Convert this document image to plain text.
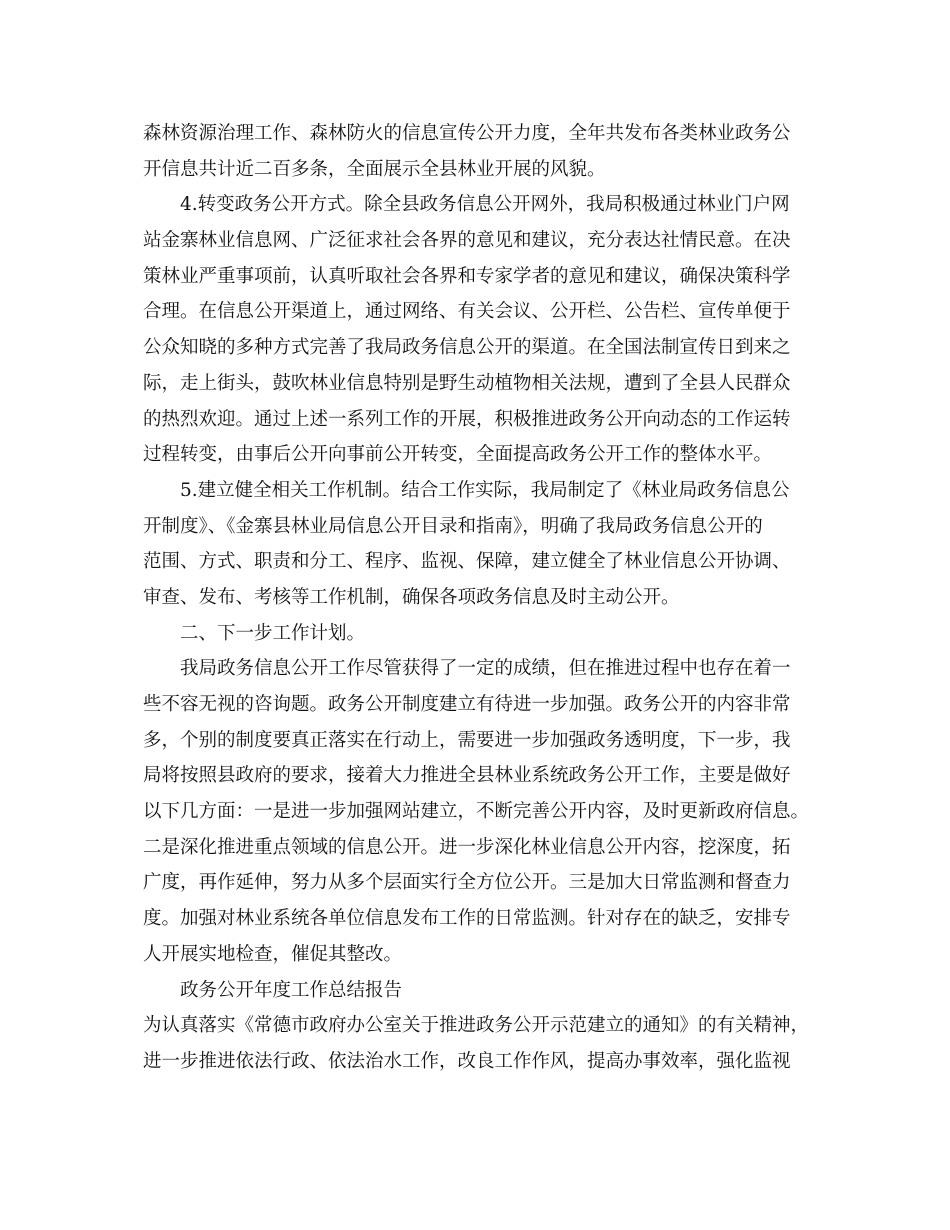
森林资源治理工作、森林防火的信息宣传公开力度，全年共发布各类林业政务公
开信息共计近二百多条，全面展示全县林业开展的风貌。
4.转变政务公开方式。除全县政务信息公开网外，我局积极通过林业门户网
站金寨林业信息网、广泛征求社会各界的意见和建议，充分表达社情民意。在决
策林业严重事项前，认真听取社会各界和专家学者的意见和建议，确保决策科学
合理。在信息公开渠道上，通过网络、有关会议、公开栏、公告栏、宣传单便于
公众知晓的多种方式完善了我局政务信息公开的渠道。在全国法制宣传日到来之
际，走上街头，鼓吹林业信息特别是野生动植物相关法规，遭到了全县人民群众
的热烈欢迎。通过上述一系列工作的开展，积极推进政务公开向动态的工作运转
过程转变，由事后公开向事前公开转变，全面提高政务公开工作的整体水平。
5.建立健全相关工作机制。结合工作实际，我局制定了《林业局政务信息公
开制度》、《金寨县林业局信息公开目录和指南》，明确了我局政务信息公开的
范围、方式、职责和分工、程序、监视、保障，建立健全了林业信息公开协调、
审查、发布、考核等工作机制，确保各项政务信息及时主动公开。
二、下一步工作计划。
我局政务信息公开工作尽管获得了一定的成绩，但在推进过程中也存在着一
些不容无视的咨询题。政务公开制度建立有待进一步加强。政务公开的内容非常
多，个别的制度要真正落实在行动上，需要进一步加强政务透明度，下一步，我
局将按照县政府的要求，接着大力推进全县林业系统政务公开工作，主要是做好
以下几方面：一是进一步加强网站建立，不断完善公开内容，及时更新政府信息。
二是深化推进重点领域的信息公开。进一步深化林业信息公开内容，挖深度，拓
广度，再作延伸，努力从多个层面实行全方位公开。三是加大日常监测和督查力
度。加强对林业系统各单位信息发布工作的日常监测。针对存在的缺乏，安排专
人开展实地检查，催促其整改。
政务公开年度工作总结报告
为认真落实《常德市政府办公室关于推进政务公开示范建立的通知》的有关精神，
进一步推进依法行政、依法治水工作，改良工作作风，提高办事效率，强化监视
